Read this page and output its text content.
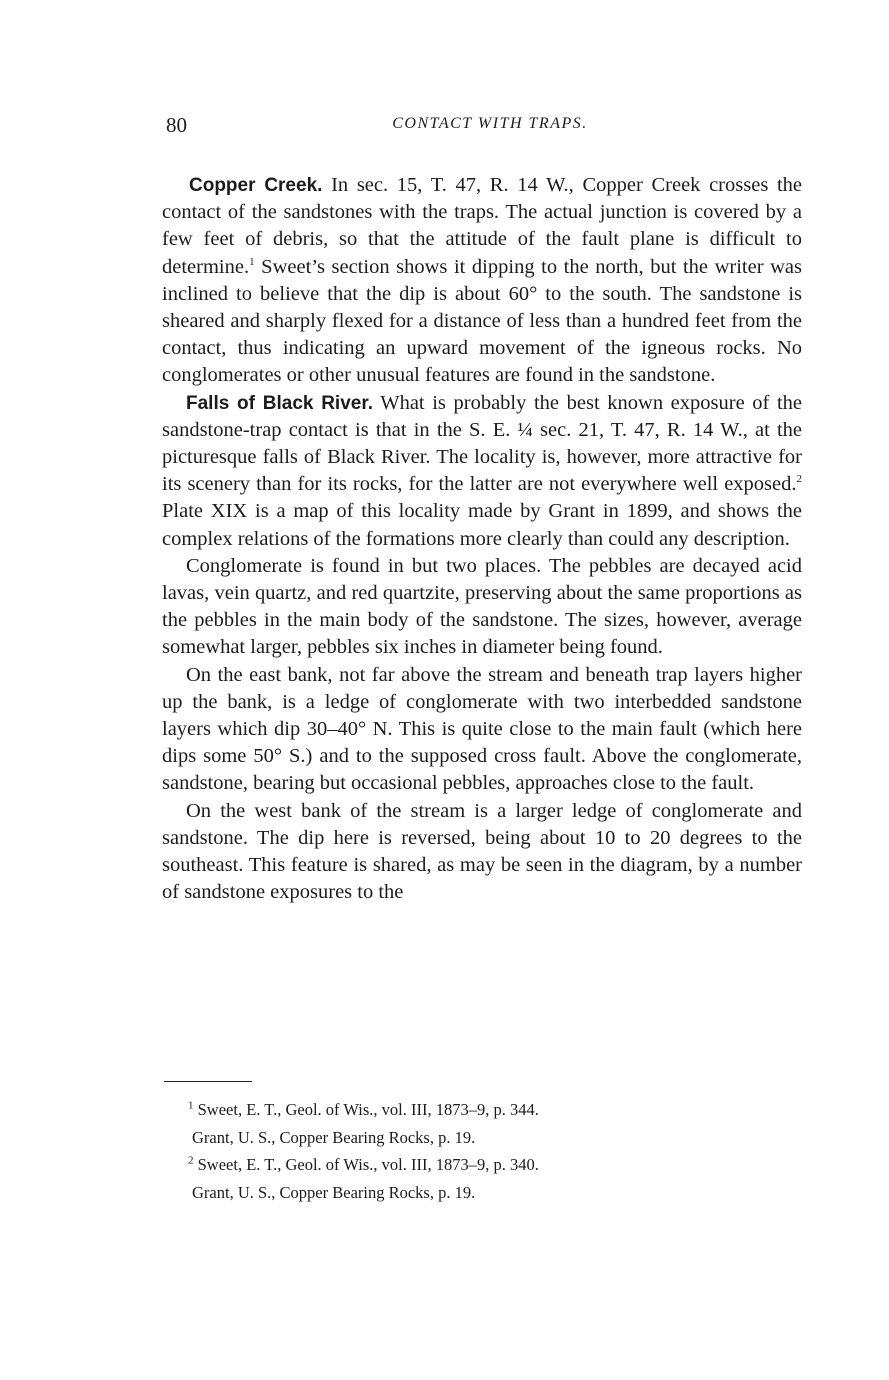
80	CONTACT WITH TRAPS.

Copper Creek. In sec. 15, T. 47, R. 14 W., Copper Creek crosses the contact of the sandstones with the traps. The actual junction is covered by a few feet of debris, so that the attitude of the fault plane is difficult to determine.$^1$ Sweet’s section shows it dipping to the north, but the writer was inclined to believe that the dip is about 60° to the south. The sandstone is sheared and sharply flexed for a distance of less than a hundred feet from the contact, thus indicating an upward movement of the igneous rocks. No conglomerates or other unusual features are found in the sandstone.

Falls of Black River. What is probably the best known exposure of the sandstone-trap contact is that in the S. E. ¼ sec. 21, T. 47, R. 14 W., at the picturesque falls of Black River. The locality is, however, more attractive for its scenery than for its rocks, for the latter are not everywhere well exposed.$^2$ Plate XIX is a map of this locality made by Grant in 1899, and shows the complex relations of the formations more clearly than could any description.

Conglomerate is found in but two places. The pebbles are decayed acid lavas, vein quartz, and red quartzite, preserving about the same proportions as the pebbles in the main body of the sandstone. The sizes, however, average somewhat larger, pebbles six inches in diameter being found.

On the east bank, not far above the stream and beneath trap layers higher up the bank, is a ledge of conglomerate with two interbedded sandstone layers which dip 30–40° N. This is quite close to the main fault (which here dips some 50° S.) and to the supposed cross fault. Above the conglomerate, sandstone, bearing but occasional pebbles, approaches close to the fault.

On the west bank of the stream is a larger ledge of conglomerate and sandstone. The dip here is reversed, being about 10 to 20 degrees to the southeast. This feature is shared, as may be seen in the diagram, by a number of sandstone exposures to the

$^1$ Sweet, E. T., Geol. of Wis., vol. III, 1873–9, p. 344.
Grant, U. S., Copper Bearing Rocks, p. 19.
$^2$ Sweet, E. T., Geol. of Wis., vol. III, 1873–9, p. 340.
Grant, U. S., Copper Bearing Rocks, p. 19.
